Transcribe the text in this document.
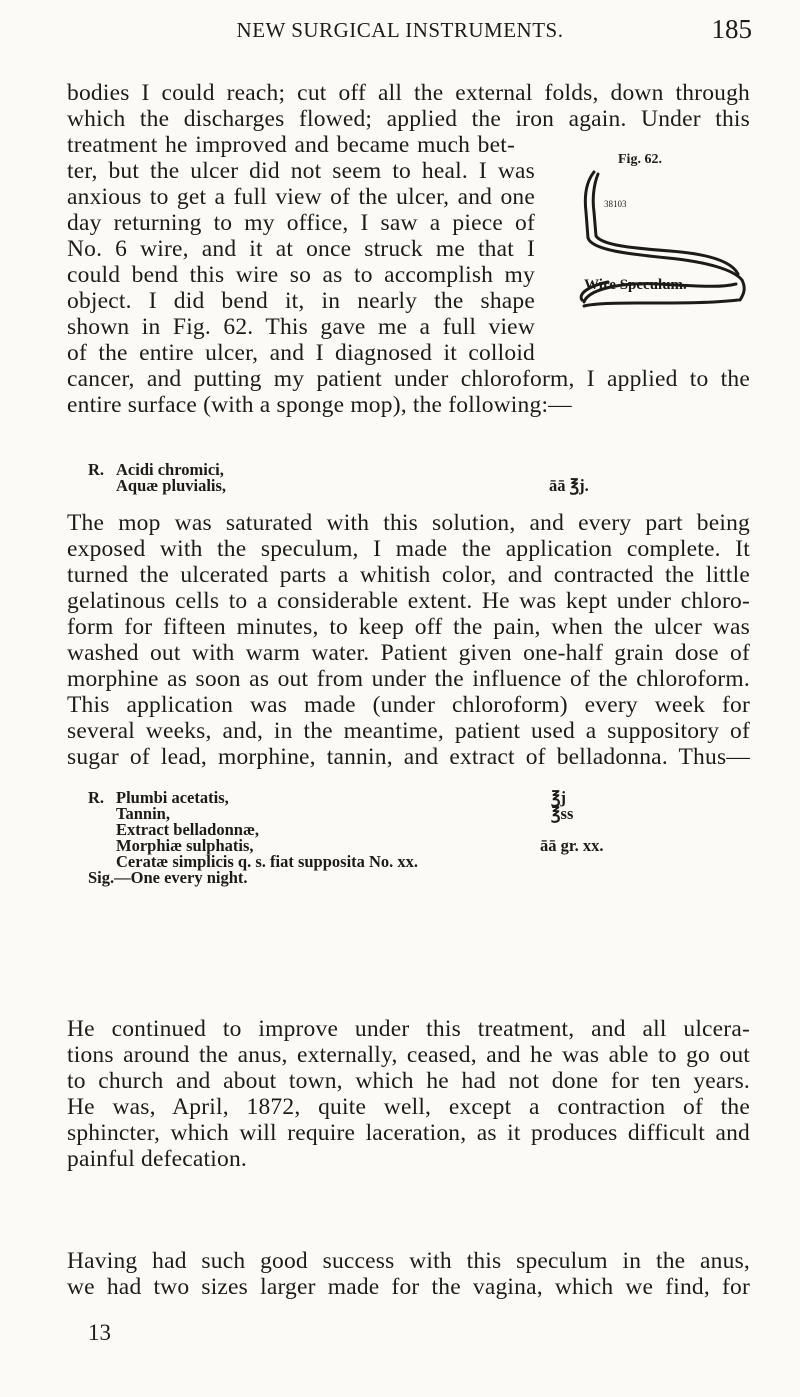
NEW SURGICAL INSTRUMENTS.	185
bodies I could reach; cut off all the external folds, down through
which the discharges flowed; applied the iron again. Under this
treatment he improved and became much bet-
ter, but the ulcer did not seem to heal. I was
anxious to get a full view of the ulcer, and one
day returning to my office, I saw a piece of
No. 6 wire, and it at once struck me that I
could bend this wire so as to accomplish my
object. I did bend it, in nearly the shape
shown in Fig. 62. This gave me a full view
of the entire ulcer, and I diagnosed it colloid
cancer, and putting my patient under chloroform, I applied to the
entire surface (with a sponge mop), the following:—
Fig. 62.
38103
Wire Speculum.
R. Acidi chromici,
Aquæ pluvialis,	āā ℥j.
The mop was saturated with this solution, and every part being
exposed with the speculum, I made the application complete. It
turned the ulcerated parts a whitish color, and contracted the little
gelatinous cells to a considerable extent. He was kept under chloro-
form for fifteen minutes, to keep off the pain, when the ulcer was
washed out with warm water. Patient given one-half grain dose of
morphine as soon as out from under the influence of the chloroform.
This application was made (under chloroform) every week for
several weeks, and, in the meantime, patient used a suppository of
sugar of lead, morphine, tannin, and extract of belladonna. Thus—
R. Plumbi acetatis,	℥j
Tannin,	℥ss
Extract belladonnæ,
Morphiæ sulphatis,	āā gr. xx.
Ceratæ simplicis q. s. fiat supposita No. xx.
Sig.—One every night.
He continued to improve under this treatment, and all ulcera-
tions around the anus, externally, ceased, and he was able to go out
to church and about town, which he had not done for ten years.
He was, April, 1872, quite well, except a contraction of the
sphincter, which will require laceration, as it produces difficult and
painful defecation.
Having had such good success with this speculum in the anus,
we had two sizes larger made for the vagina, which we find, for
13
